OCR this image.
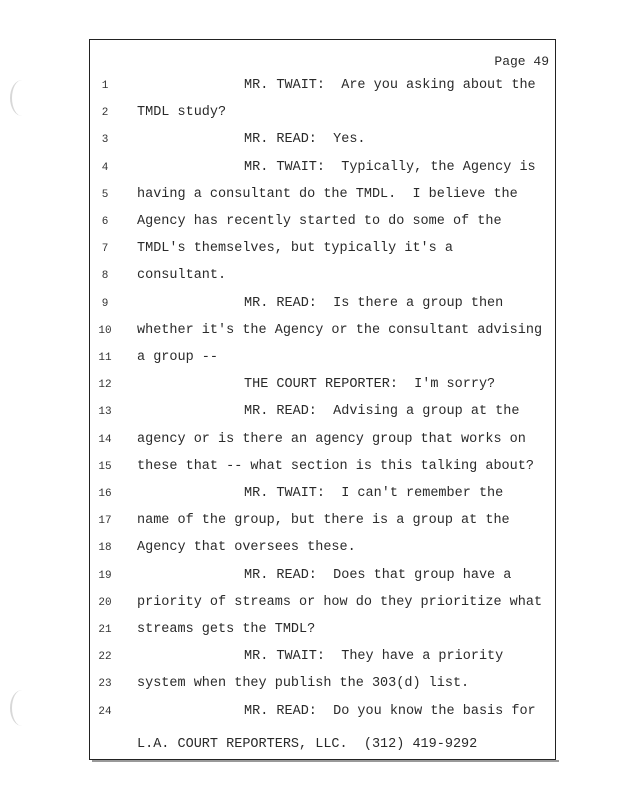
Page 49
1	MR. TWAIT:  Are you asking about the
2	TMDL study?
3	MR. READ:  Yes.
4	MR. TWAIT:  Typically, the Agency is
5	having a consultant do the TMDL.  I believe the
6	Agency has recently started to do some of the
7	TMDL's themselves, but typically it's a
8	consultant.
9	MR. READ:  Is there a group then
10	whether it's the Agency or the consultant advising
11	a group --
12	THE COURT REPORTER:  I'm sorry?
13	MR. READ:  Advising a group at the
14	agency or is there an agency group that works on
15	these that -- what section is this talking about?
16	MR. TWAIT:  I can't remember the
17	name of the group, but there is a group at the
18	Agency that oversees these.
19	MR. READ:  Does that group have a
20	priority of streams or how do they prioritize what
21	streams gets the TMDL?
22	MR. TWAIT:  They have a priority
23	system when they publish the 303(d) list.
24	MR. READ:  Do you know the basis for
L.A. COURT REPORTERS, LLC.  (312) 419-9292
